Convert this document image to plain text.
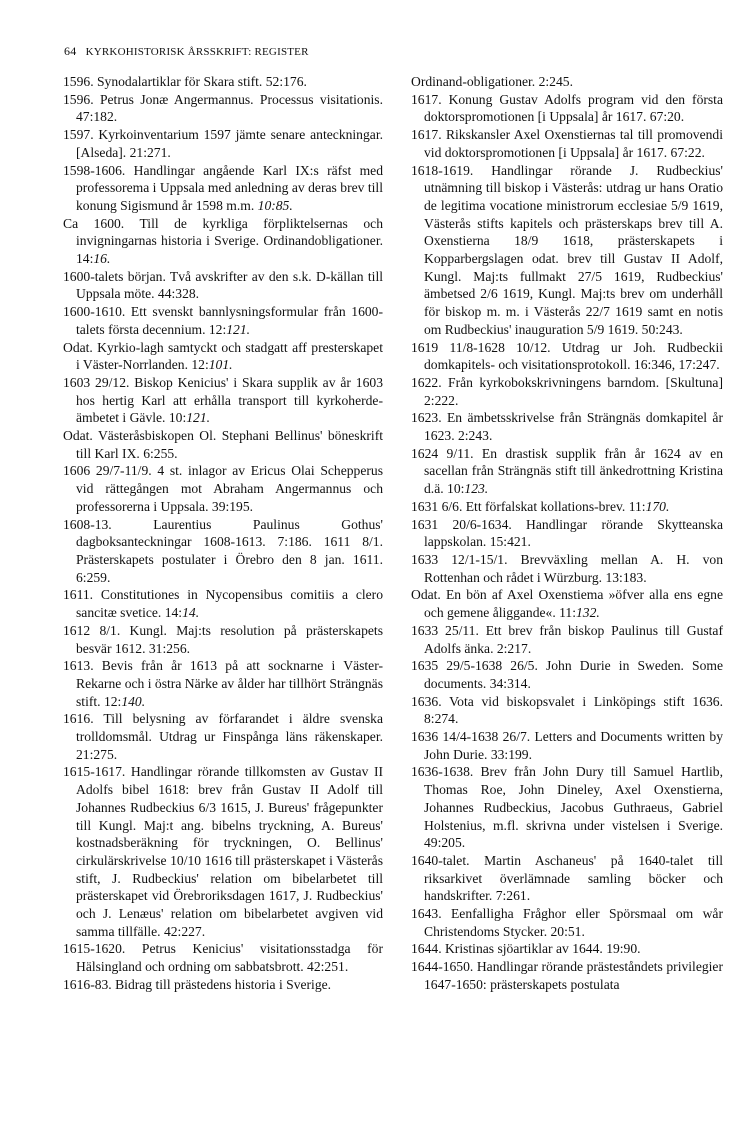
64 KYRKOHISTORISK ÅRSSKRIFT: REGISTER

1596. Synodalartiklar för Skara stift. 52:176.

1596. Petrus Jonæ Angermannus. Processus visitationis. 47:182.

1597. Kyrkoinventarium 1597 jämte senare anteckningar. [Alseda]. 21:271.

1598-1606. Handlingar angående Karl IX:s räfst med professorema i Uppsala med anledning av deras brev till konung Sigismund år 1598 m.m. 10:85.

Ca 1600. Till de kyrkliga förpliktelsernas och invigningarnas historia i Sverige. Ordinandobligationer. 14:16.

1600-talets början. Två avskrifter av den s.k. D-källan till Uppsala möte. 44:328.

1600-1610. Ett svenskt bannlysningsformular från 1600-talets första decennium. 12:121.

Odat. Kyrkio-lagh samtyckt och stadgatt aff presterskapet i Väster-Norrlanden. 12:101.

1603 29/12. Biskop Kenicius' i Skara supplik av år 1603 hos hertig Karl att erhålla transport till kyrkoherde-ämbetet i Gävle. 10:121.

Odat. Västeråsbiskopen Ol. Stephani Bellinus' böneskrift till Karl IX. 6:255.

1606 29/7-11/9. 4 st. inlagor av Ericus Olai Schepperus vid rättegången mot Abraham Angermannus och professorerna i Uppsala. 39:195.

1608-13. Laurentius Paulinus Gothus' dagboksanteckningar 1608-1613. 7:186. 1611 8/1. Prästerskapets postulater i Örebro den 8 jan. 1611. 6:259.

1611. Constitutiones in Nycopensibus comitiis a clero sancitæ svetice. 14:14.

1612 8/1. Kungl. Maj:ts resolution på prästerskapets besvär 1612. 31:256.

1613. Bevis från år 1613 på att socknarne i Väster-Rekarne och i östra Närke av ålder har tillhört Strängnäs stift. 12:140.

1616. Till belysning av förfarandet i äldre svenska trolldomsmål. Utdrag ur Finspånga läns räkenskaper. 21:275.

1615-1617. Handlingar rörande tillkomsten av Gustav II Adolfs bibel 1618: brev från Gustav II Adolf till Johannes Rudbeckius 6/3 1615, J. Bureus' frågepunkter till Kungl. Maj:t ang. bibelns tryckning, A. Bureus' kostnadsberäkning för tryckningen, O. Bellinus' cirkulärskrivelse 10/10 1616 till prästerskapet i Västerås stift, J. Rudbeckius' relation om bibelarbetet till prästerskapet vid Örebroriksdagen 1617, J. Rudbeckius' och J. Lenæus' relation om bibelarbetet avgiven vid samma tillfälle. 42:227.

1615-1620. Petrus Kenicius' visitationsstadga för Hälsingland och ordning om sabbatsbrott. 42:251.

1616-83. Bidrag till prästedens historia i Sverige.

Ordinand-obligationer. 2:245.

1617. Konung Gustav Adolfs program vid den första doktorspromotionen [i Uppsala] år 1617. 67:20.

1617. Rikskansler Axel Oxenstiernas tal till promovendi vid doktorspromotionen [i Uppsala] år 1617. 67:22.

1618-1619. Handlingar rörande J. Rudbeckius' utnämning till biskop i Västerås: utdrag ur hans Oratio de legitima vocatione ministrorum ecclesiae 5/9 1619, Västerås stifts kapitels och prästerskaps brev till A. Oxenstierna 18/9 1618, prästerskapets i Kopparbergslagen odat. brev till Gustav II Adolf, Kungl. Maj:ts fullmakt 27/5 1619, Rudbeckius' ämbetsed 2/6 1619, Kungl. Maj:ts brev om underhåll för biskop m. m. i Västerås 22/7 1619 samt en notis om Rudbeckius' inauguration 5/9 1619. 50:243.

1619 11/8-1628 10/12. Utdrag ur Joh. Rudbeckii domkapitels- och visitationsprotokoll. 16:346, 17:247.

1622. Från kyrkobokskrivningens barndom. [Skultuna] 2:222.

1623. En ämbetsskrivelse från Strängnäs domkapitel år 1623. 2:243.

1624 9/11. En drastisk supplik från år 1624 av en sacellan från Strängnäs stift till änkedrottning Kristina d.ä. 10:123.

1631 6/6. Ett förfalskat kollations-brev. 11:170.

1631 20/6-1634. Handlingar rörande Skytteanska lappskolan. 15:421.

1633 12/1-15/1. Brevväxling mellan A. H. von Rottenhan och rådet i Würzburg. 13:183.

Odat. En bön af Axel Oxenstiema »öfver alla ens egne och gemene åliggande«. 11:132.

1633 25/11. Ett brev från biskop Paulinus till Gustaf Adolfs änka. 2:217.

1635 29/5-1638 26/5. John Durie in Sweden. Some documents. 34:314.

1636. Vota vid biskopsvalet i Linköpings stift 1636. 8:274.

1636 14/4-1638 26/7. Letters and Documents written by John Durie. 33:199.

1636-1638. Brev från John Dury till Samuel Hartlib, Thomas Roe, John Dineley, Axel Oxenstierna, Johannes Rudbeckius, Jacobus Guthraeus, Gabriel Holstenius, m.fl. skrivna under vistelsen i Sverige. 49:205.

1640-talet. Martin Aschaneus' på 1640-talet till riksarkivet överlämnade samling böcker och handskrifter. 7:261.

1643. Eenfalligha Fråghor eller Spörsmaal om wår Christendoms Stycker. 20:51.

1644. Kristinas sjöartiklar av 1644. 19:90.

1644-1650. Handlingar rörande prästeståndets privilegier 1647-1650: prästerskapets postulata
